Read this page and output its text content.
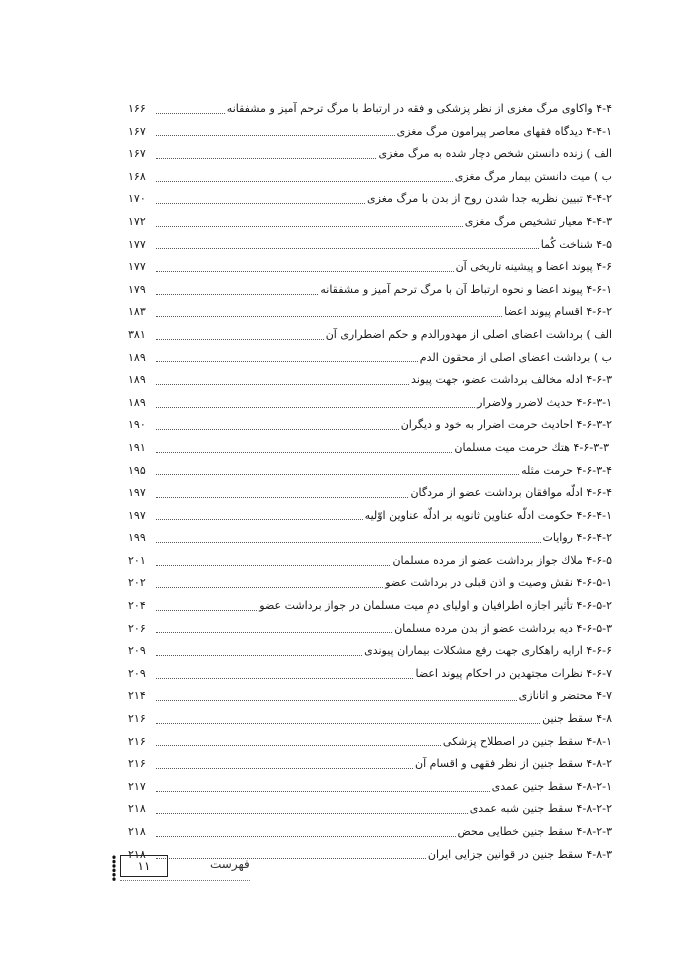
۴-۴ واکاوی مرگ مغزی از نظر پزشکی و فقه در ارتباط با مرگ ترحم آمیز و مشفقانه
۱۶۶
۴-۴-۱ دیدگاه فقهای معاصر پیرامون مرگ مغزی
۱۶۷
الف ) زنده دانستن شخص دچار شده به مرگ مغزی
۱۶۷
ب ) میت دانستن بیمار مرگ مغزی
۱۶۸
۴-۴-۲ تبیین نظریه جدا شدن روح از بدن با مرگ مغزی
۱۷۰
۴-۴-۳ معیار تشخیص مرگ مغزی
۱۷۲
۴-۵ شناخت کُما
۱۷۷
۴-۶ پیوند اعضا و پیشینه تاریخی آن
۱۷۷
۴-۶-۱ پیوند اعضا و نحوه ارتباط آن با مرگ ترحم آمیز و مشفقانه
۱۷۹
۴-۶-۲ اقسام پیوند اعضا
۱۸۳
الف ) برداشت اعضای اصلی از مهدورالدم و حکم اضطراری آن
۳۸۱
ب ) برداشت اعضای اصلی از محقون الدم
۱۸۹
۴-۶-۳ ادله مخالف برداشت عضو، جهت پیوند
۱۸۹
۴-۶-۳-۱ حدیث لاضرر ولاضرار
۱۸۹
۴-۶-۳-۲ احادیث حرمت اضرار به خود و دیگران
۱۹۰
۴-۶-۳-۳ هتك حرمت میت مسلمان
۱۹۱
۴-۶-۳-۴ حرمت مثله
۱۹۵
۴-۶-۴ ادلّه موافقان برداشت عضو از مردگان
۱۹۷
۴-۶-۴-۱ حکومت ادلّه عناوین ثانویه بر ادلّه عناوین اوّلیه
۱۹۷
۴-۶-۴-۲ روایات
۱۹۹
۴-۶-۵ ملاك جواز برداشت عضو از مرده مسلمان
۲۰۱
۴-۶-۵-۱ نقش وصیت و اذن قبلی در برداشت عضو
۲۰۲
۴-۶-۵-۲ تأثیر اجازه اطرافیان و اولیای دمِ میت مسلمان در جواز برداشت عضو
۲۰۴
۴-۶-۵-۳ دیه برداشت عضو از بدن مرده مسلمان
۲۰۶
۴-۶-۶ ارایه راهکاری جهت رفع مشکلات بیماران پیوندی
۲۰۹
۴-۶-۷ نظرات مجتهدین در احکام پیوند اعضا
۲۰۹
۴-۷ محتضر و اتانازی
۲۱۴
۴-۸ سقط جنین
۲۱۶
۴-۸-۱ سقط جنین در اصطلاح پزشکی
۲۱۶
۴-۸-۲ سقط جنین از نظر فقهی و اقسام آن
۲۱۶
۴-۸-۲-۱ سقط جنین عمدی
۲۱۷
۴-۸-۲-۲ سقط جنین شبه عمدی
۲۱۸
۴-۸-۲-۳ سقط جنین خطایی محض
۲۱۸
۴-۸-۳ سقط جنین در قوانین جزایی ایران
۲۱۸
۱۱	فهرست
